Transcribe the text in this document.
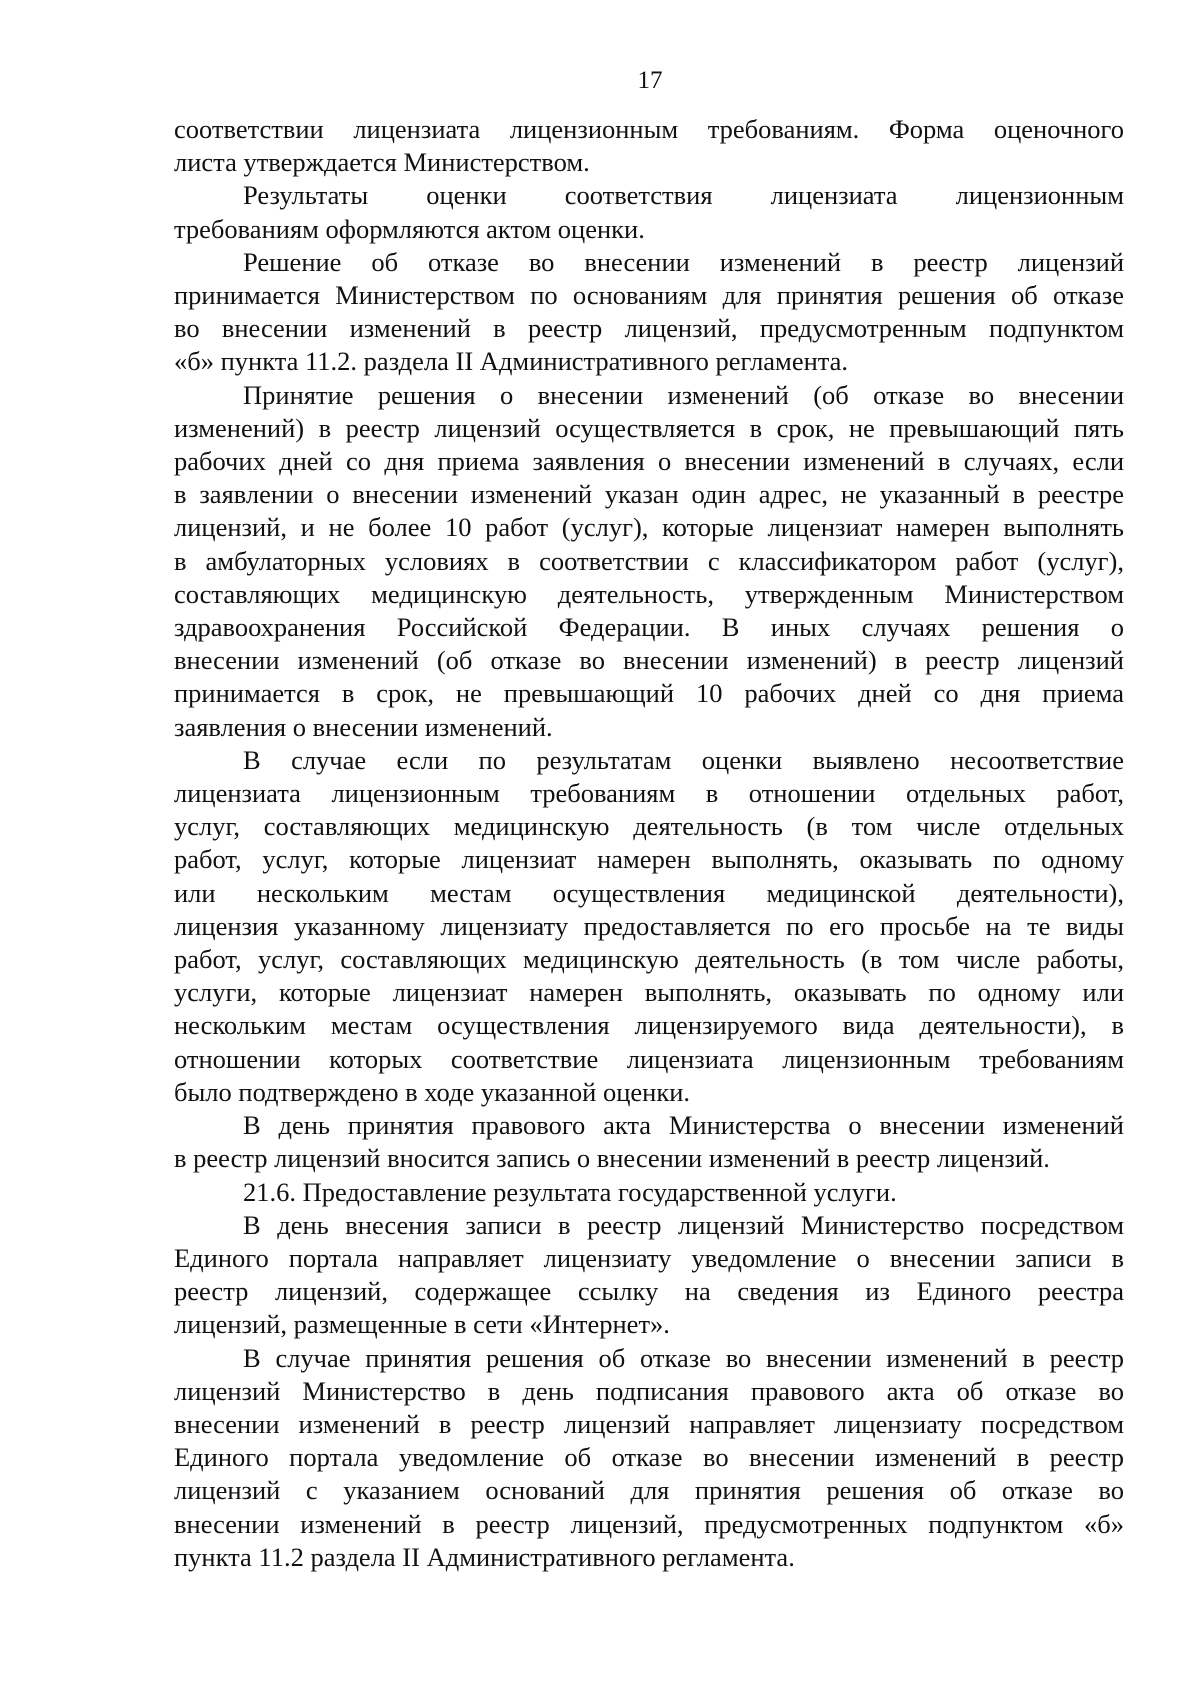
17
соответствии лицензиата лицензионным требованиям. Форма оценочного
листа утверждается Министерством.
Результаты оценки соответствия лицензиата лицензионным
требованиям оформляются актом оценки.
Решение об отказе во внесении изменений в реестр лицензий
принимается Министерством по основаниям для принятия решения об отказе
во внесении изменений в реестр лицензий, предусмотренным подпунктом
«б» пункта 11.2. раздела II Административного регламента.
Принятие решения о внесении изменений (об отказе во внесении
изменений) в реестр лицензий осуществляется в срок, не превышающий пять
рабочих дней со дня приема заявления о внесении изменений в случаях, если
в заявлении о внесении изменений указан один адрес, не указанный в реестре
лицензий, и не более 10 работ (услуг), которые лицензиат намерен выполнять
в амбулаторных условиях в соответствии с классификатором работ (услуг),
составляющих медицинскую деятельность, утвержденным Министерством
здравоохранения Российской Федерации. В иных случаях решения о
внесении изменений (об отказе во внесении изменений) в реестр лицензий
принимается в срок, не превышающий 10 рабочих дней со дня приема
заявления о внесении изменений.
В случае если по результатам оценки выявлено несоответствие
лицензиата лицензионным требованиям в отношении отдельных работ,
услуг, составляющих медицинскую деятельность (в том числе отдельных
работ, услуг, которые лицензиат намерен выполнять, оказывать по одному
или нескольким местам осуществления медицинской деятельности),
лицензия указанному лицензиату предоставляется по его просьбе на те виды
работ, услуг, составляющих медицинскую деятельность (в том числе работы,
услуги, которые лицензиат намерен выполнять, оказывать по одному или
нескольким местам осуществления лицензируемого вида деятельности), в
отношении которых соответствие лицензиата лицензионным требованиям
было подтверждено в ходе указанной оценки.
В день принятия правового акта Министерства о внесении изменений
в реестр лицензий вносится запись о внесении изменений в реестр лицензий.
21.6. Предоставление результата государственной услуги.
В день внесения записи в реестр лицензий Министерство посредством
Единого портала направляет лицензиату уведомление о внесении записи в
реестр лицензий, содержащее ссылку на сведения из Единого реестра
лицензий, размещенные в сети «Интернет».
В случае принятия решения об отказе во внесении изменений в реестр
лицензий Министерство в день подписания правового акта об отказе во
внесении изменений в реестр лицензий направляет лицензиату посредством
Единого портала уведомление об отказе во внесении изменений в реестр
лицензий с указанием оснований для принятия решения об отказе во
внесении изменений в реестр лицензий, предусмотренных подпунктом «б»
пункта 11.2 раздела II Административного регламента.
